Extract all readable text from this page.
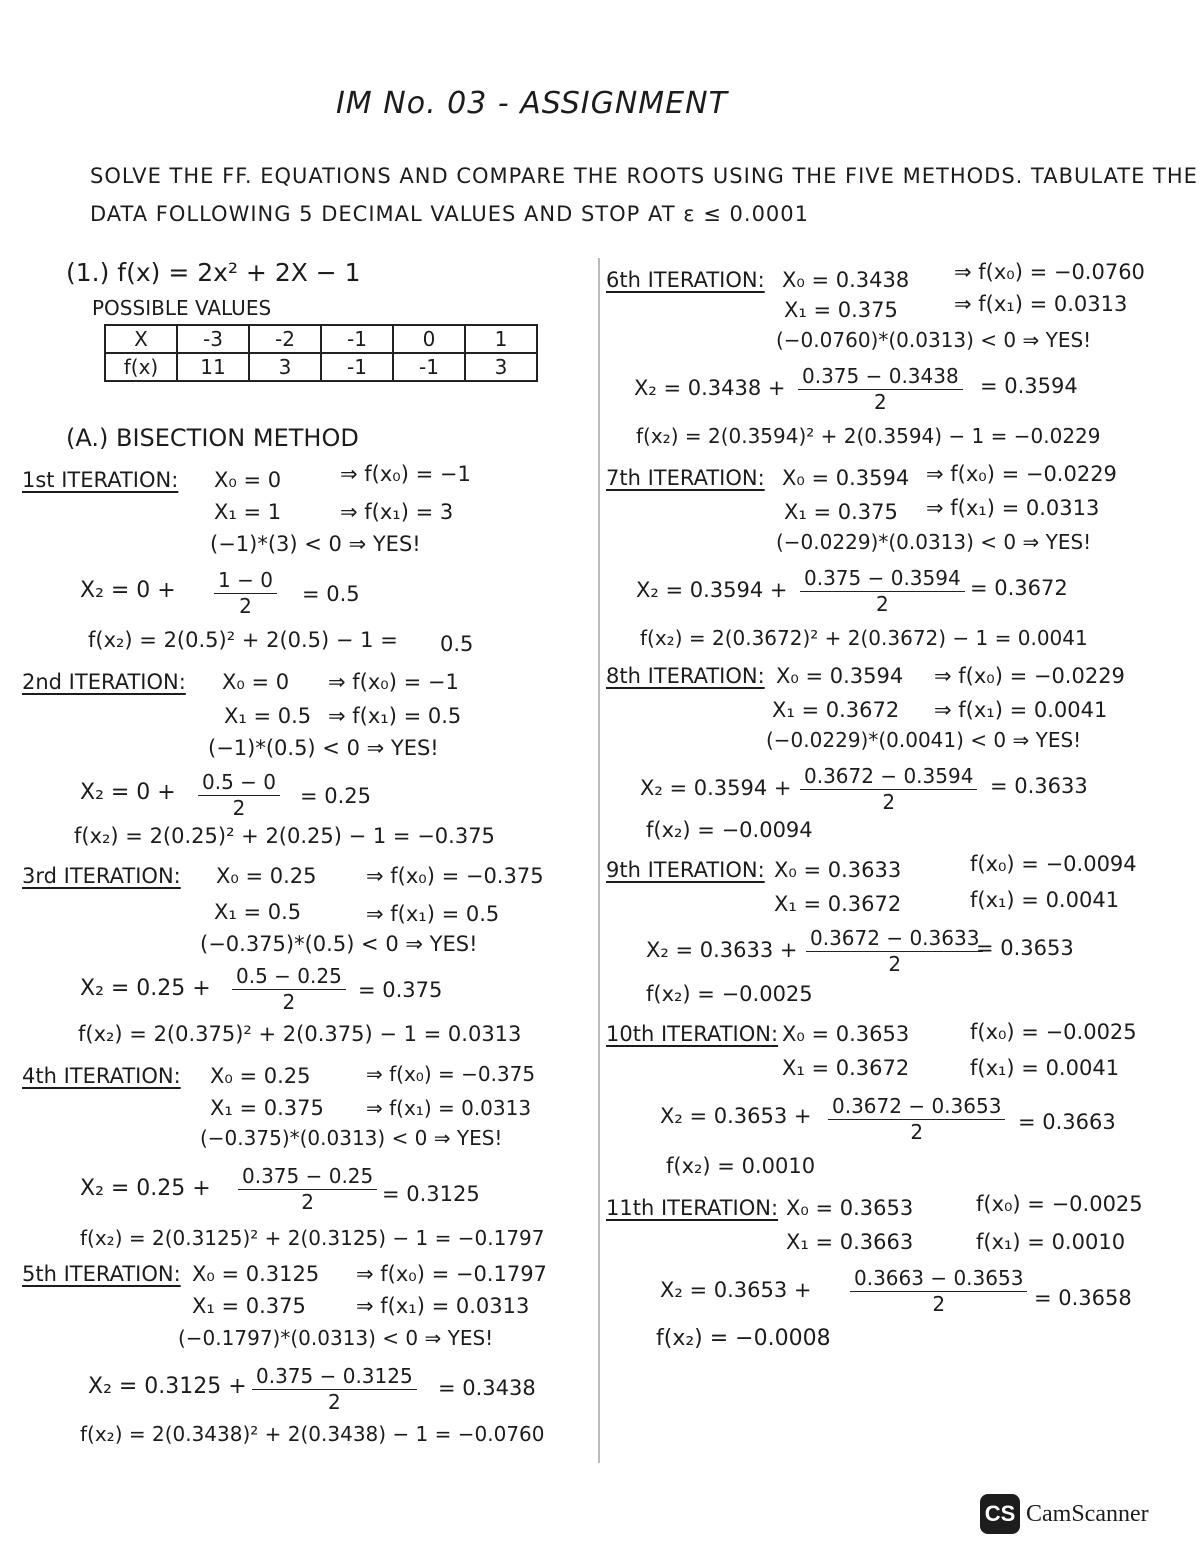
IM No. 03 - ASSIGNMENT
SOLVE THE FF. EQUATIONS AND COMPARE THE ROOTS USING THE FIVE METHODS. TABULATE THE
DATA FOLLOWING 5 DECIMAL VALUES AND STOP AT ε ≤ 0.0001
(1.) f(x) = 2x² + 2X − 1
POSSIBLE VALUES
X	-3	-2	-1	0	1
f(x)	11	3	-1	-1	3
(A.) BISECTION METHOD
1st ITERATION: X₀ = 0	⇒ f(x₀) = −1
X₁ = 1	⇒ f(x₁) = 3
(−1)*(3) < 0 ⇒ YES!
$X_2 = 0 + \frac{1 - 0}{2} = 0.5$
f(x₂) = 2(0.5)² + 2(0.5) − 1 = 0.5
2nd ITERATION: X₀ = 0 ⇒ f(x₀) = −1
X₁ = 0.5 ⇒ f(x₁) = 0.5
(−1)*(0.5) < 0 ⇒ YES!
$X_2 = 0 + \frac{0.5 - 0}{2} = 0.25$
f(x₂) = 2(0.25)² + 2(0.25) − 1 = −0.375
3rd ITERATION: X₀ = 0.25 ⇒ f(x₀) = −0.375
X₁ = 0.5	⇒ f(x₁) = 0.5
(−0.375)*(0.5) < 0 ⇒ YES!
$X_2 = 0.25 + \frac{0.5 - 0.25}{2} = 0.375$
f(x₂) = 2(0.375)² + 2(0.375) − 1 = 0.0313
4th ITERATION: X₀ = 0.25	⇒ f(x₀) = −0.375
X₁ = 0.375 ⇒ f(x₁) = 0.0313
(−0.375)*(0.0313) < 0 ⇒ YES!
$X_2 = 0.25 + \frac{0.375 - 0.25}{2} = 0.3125$
f(x₂) = 2(0.3125)² + 2(0.3125) − 1 = −0.1797
5th ITERATION: X₀ = 0.3125 ⇒ f(x₀) = −0.1797
X₁ = 0.375 ⇒ f(x₁) = 0.0313
(−0.1797)*(0.0313) < 0 ⇒ YES!
$X_2 = 0.3125 + \frac{0.375 - 0.3125}{2} = 0.3438$
f(x₂) = 2(0.3438)² + 2(0.3438) − 1 = −0.0760
6th ITERATION: X₀ = 0.3438 ⇒ f(x₀) = −0.0760
X₁ = 0.375	⇒ f(x₁) = 0.0313
(−0.0760)*(0.0313) < 0 ⇒ YES!
$X_2 = 0.3438 + \frac{0.375 - 0.3438}{2} = 0.3594$
f(x₂) = 2(0.3594)² + 2(0.3594) − 1 = −0.0229
7th ITERATION: X₀ = 0.3594 ⇒ f(x₀) = −0.0229
X₁ = 0.375 ⇒ f(x₁) = 0.0313
(−0.0229)*(0.0313) < 0 ⇒ YES!
$X_2 = 0.3594 + \frac{0.375 - 0.3594}{2} = 0.3672$
f(x₂) = 2(0.3672)² + 2(0.3672) − 1 = 0.0041
8th ITERATION: X₀ = 0.3594 ⇒ f(x₀) = −0.0229
X₁ = 0.3672 ⇒ f(x₁) = 0.0041
(−0.0229)*(0.0041) < 0 ⇒ YES!
$X_2 = 0.3594 + \frac{0.3672 - 0.3594}{2} = 0.3633$
f(x₂) = −0.0094
9th ITERATION: X₀ = 0.3633	f(x₀) = −0.0094
X₁ = 0.3672	f(x₁) = 0.0041
$X_2 = 0.3633 + \frac{0.3672 - 0.3633}{2}$
= 0.3653
f(x₂) = −0.0025
10th ITERATION: X₀ = 0.3653	f(x₀) = −0.0025
X₁ = 0.3672	f(x₁) = 0.0041
$X_2 = 0.3653 + \frac{0.3672 - 0.3653}{2} = 0.3663$
f(x₂) = 0.0010
11th ITERATION: X₀ = 0.3653	f(x₀) = −0.0025
X₁ = 0.3663	f(x₁) = 0.0010
$X_2 = 0.3653 + \frac{0.3663 - 0.3653}{2} = 0.3658$
f(x₂) = −0.0008
CS CamScanner
